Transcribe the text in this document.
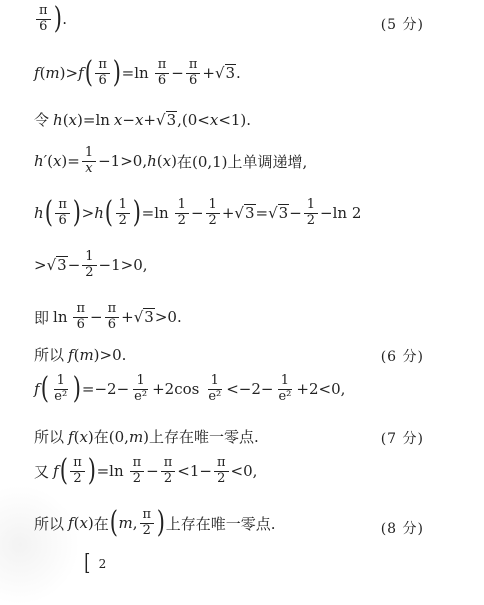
$\frac{\pi}{6}$ ) .	(5 分)
f ( m ) > f ( $\frac{\pi}{6}$ ) = $\ln \frac{\pi}{6} - \frac{\pi}{6}$ + √ 3 .
令 h ( x )= ln x − x + √ 3 ,(0< x <1).
h′ ( x )= $\frac{1}{x} -1>0$, h ( x ) 在(0,1)上单调递增,
h ( $\frac{\pi}{6}$ ) > h ( $\frac{1}{2}$ ) = $\ln \frac{1}{2} - \frac{1}{2}$ + √ 3 = √ $3 - \frac{1}{2} - \ln 2$
> √ $3 - \frac{1}{2} -1>0$,
即 $\ln \frac{\pi}{6} - \frac{\pi}{6}$ + √ 3 >0.
所以 f ( m )>0.	(6 分)
f ( $\frac{1}{\text{e²}}$ ) $=-2- \frac{1}{\text{e²}} +2$ $\cos \frac{1}{\text{e²}} <-2- \frac{1}{\text{e²}} +2<0$,
所以 f ( x ) 在(0, m )上存在唯一零点.	(7 分)
又 f ( $\frac{\pi}{2}$ ) = $\ln \frac{\pi}{2} - \frac{\pi}{2} <1- \frac{\pi}{2} <0$,
所以 f ( x ) 在 ( m , $\frac{\pi}{2}$ ) 上存在唯一零点.	(8 分)
[ 2
